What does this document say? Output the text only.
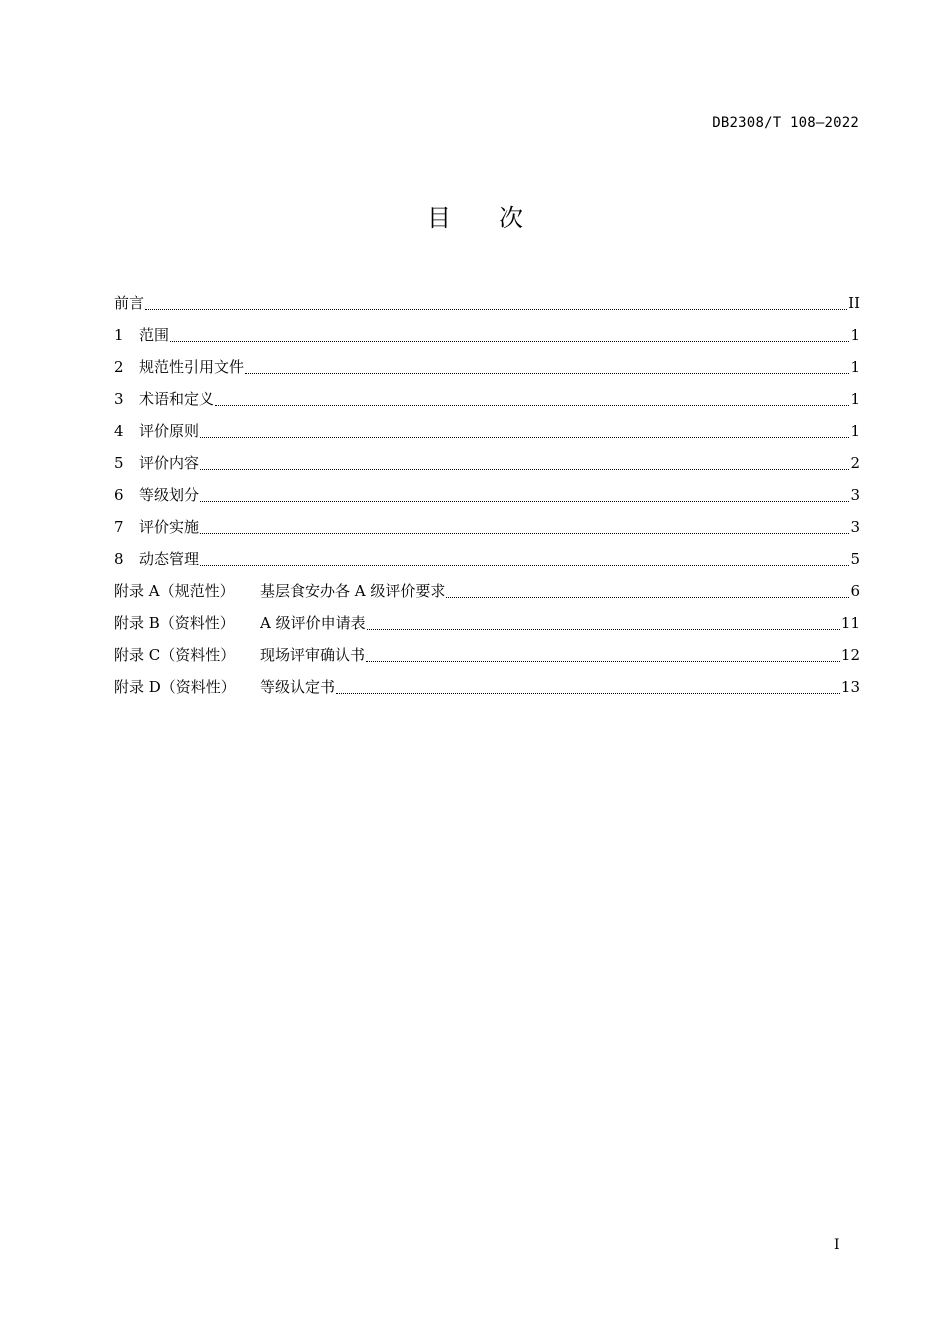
DB2308/T 108—2022
目 次
前言	II
1	范围	1
2	规范性引用文件	1
3	术语和定义	1
4	评价原则	1
5	评价内容	2
6	等级划分	3
7	评价实施	3
8	动态管理	5
附录 A（规范性）	基层食安办各 A 级评价要求	6
附录 B（资料性）	A 级评价申请表	11
附录 C（资料性）	现场评审确认书	12
附录 D（资料性）	等级认定书	13
I
